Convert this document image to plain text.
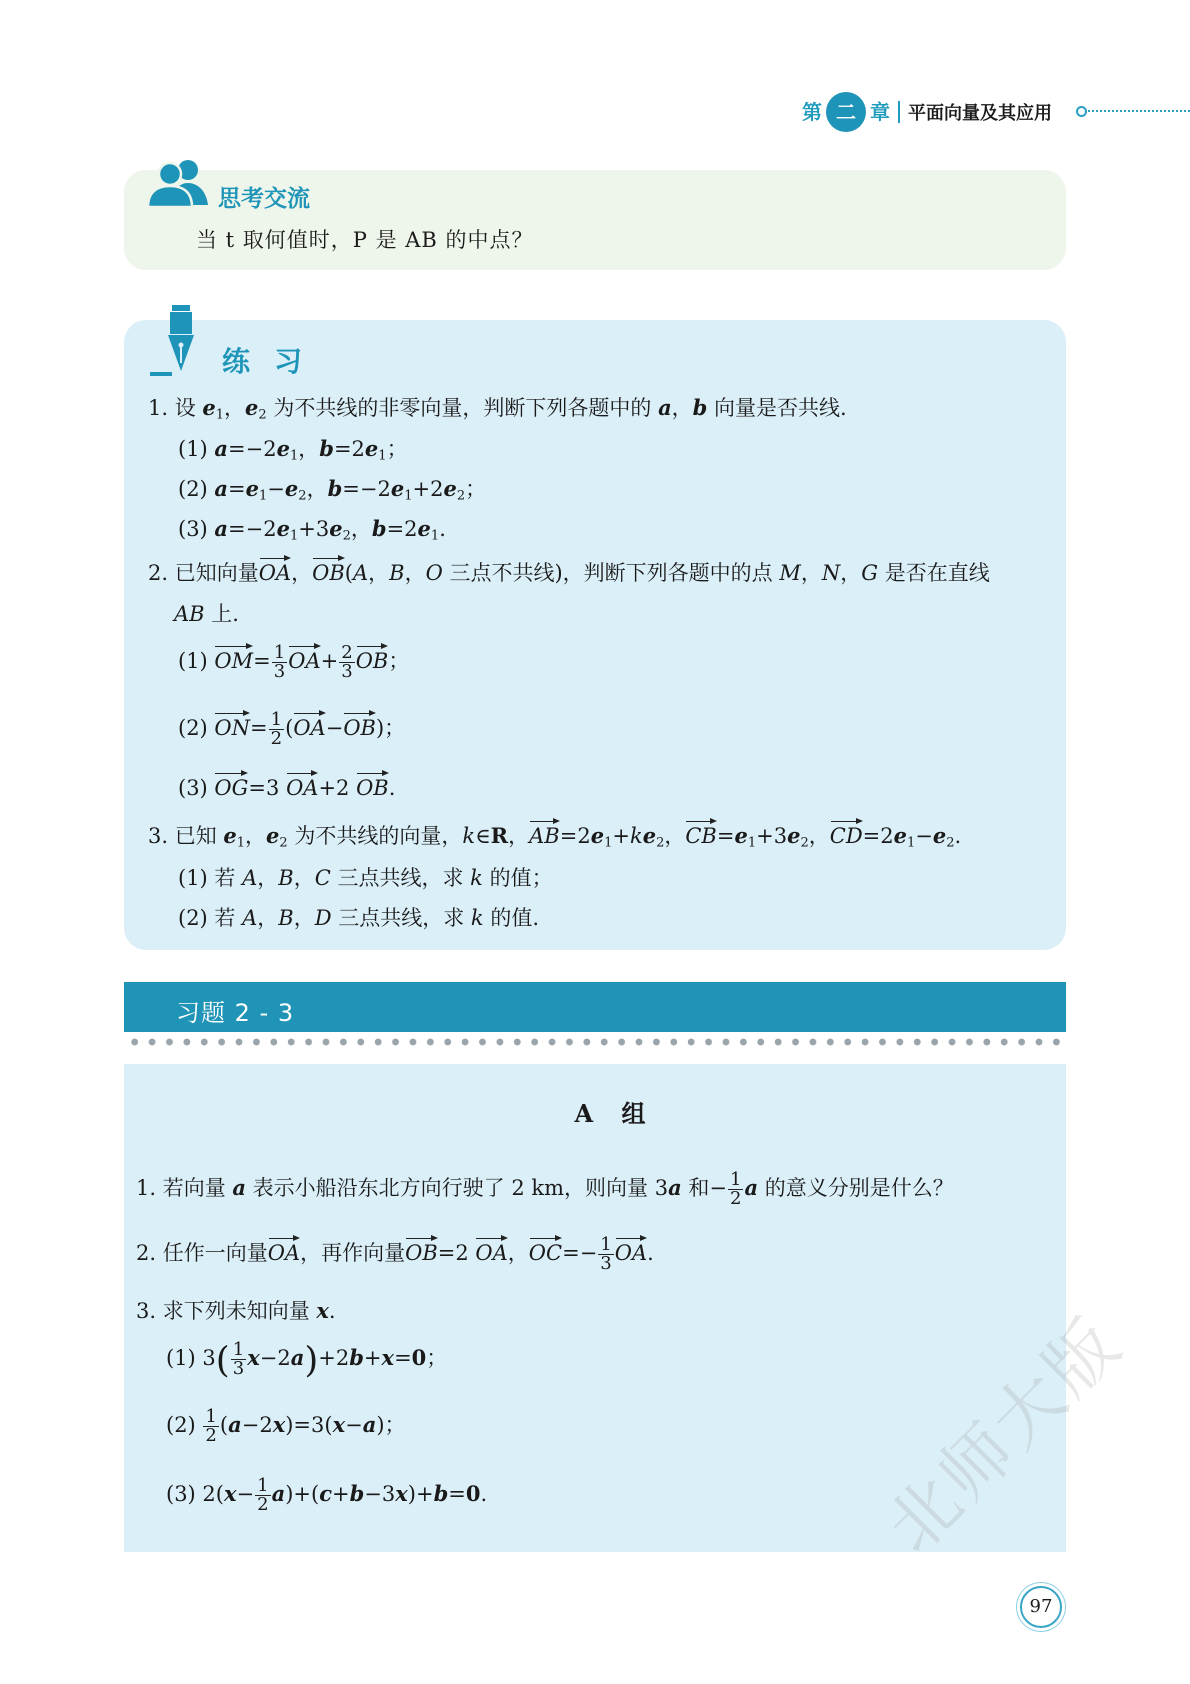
第 二 章 平面向量及其应用
思考交流
当 t 取何值时，P 是 AB 的中点？
练习
1. 设 $e_1$，$e_2$ 为不共线的非零向量，判断下列各题中的 a，b 向量是否共线.
(1) $a=-2e_1$，$b=2e_1$；
(2) $a=e_1-e_2$，$b=-2e_1+2e_2$；
(3) $a=-2e_1+3e_2$，$b=2e_1$.
2. 已知向量OA，OB(A，B，O 三点不共线)，判断下列各题中的点 M，N，G 是否在直线
AB 上.
(1) $OM= \frac{1}{3} OA+ \frac{2}{3}$ OB；
(2) $ON= \frac{1}{2} (OA-OB)$；
(3) OG=3 OA+2 OB.
3. 已知 $e_1$，$e_2$ 为不共线的向量，k∈R，$AB=2e_1+ke_2$，$CB=e_1+3e_2$，$CD=2e_1-e_2$.
(1) 若 A，B，C 三点共线，求 k 的值；
(2) 若 A，B，D 三点共线，求 k 的值.
习题 2 - 3
A 组
1. 若向量 a 表示小船沿东北方向行驶了 2 km，则向量 3a 和− $\frac{1}{2}$ a 的意义分别是什么？
2. 任作一向量OA，再作向量OB=2 OA，$OC=- \frac{1}{3}$ OA.
3. 求下列未知向量 x.
(1) $3( \frac{1}{3} x-2a)+2b+x=0$；
$(2) \frac{1}{2} (a-2x)=3(x-a)$；
(3) $2(x- \frac{1}{2} a)+(c+b-3x)+b=0$.	北师大版
97
